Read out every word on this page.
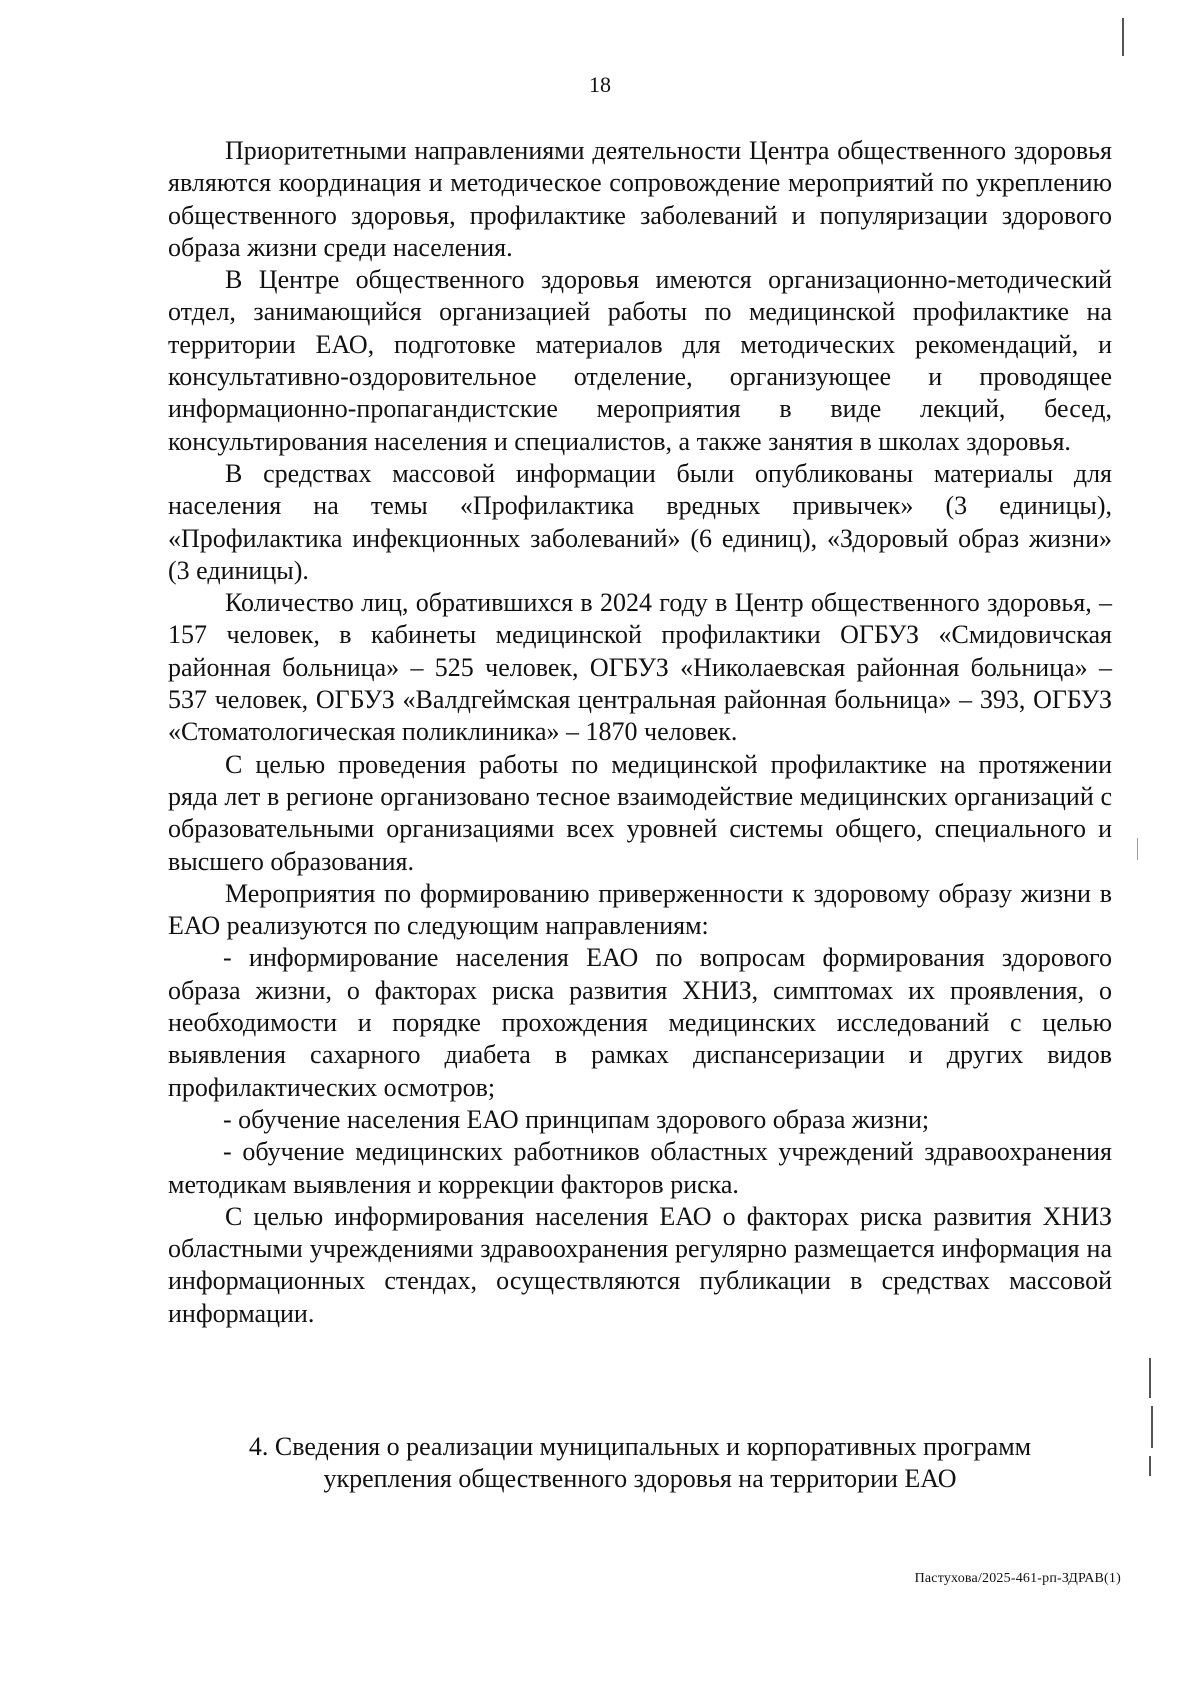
18

Приоритетными направлениями деятельности Центра общественного здоровья являются координация и методическое сопровождение мероприятий по укреплению общественного здоровья, профилактике заболеваний и популяризации здорового образа жизни среди населения.

В Центре общественного здоровья имеются организационно-методический отдел, занимающийся организацией работы по медицинской профилактике на территории ЕАО, подготовке материалов для методических рекомендаций, и консультативно-оздоровительное отделение, организующее и проводящее информационно-пропагандистские мероприятия в виде лекций, бесед, консультирования населения и специалистов, а также занятия в школах здоровья.

В средствах массовой информации были опубликованы материалы для населения на темы «Профилактика вредных привычек» (3 единицы), «Профилактика инфекционных заболеваний» (6 единиц), «Здоровый образ жизни» (3 единицы).

Количество лиц, обратившихся в 2024 году в Центр общественного здоровья, – 157 человек, в кабинеты медицинской профилактики ОГБУЗ «Смидовичская районная больница» – 525 человек, ОГБУЗ «Николаевская районная больница» – 537 человек, ОГБУЗ «Валдгеймская центральная районная больница» – 393, ОГБУЗ «Стоматологическая поликлиника» – 1870 человек.

С целью проведения работы по медицинской профилактике на протяжении ряда лет в регионе организовано тесное взаимодействие медицинских организаций с образовательными организациями всех уровней системы общего, специального и высшего образования.

Мероприятия по формированию приверженности к здоровому образу жизни в ЕАО реализуются по следующим направлениям:

- информирование населения ЕАО по вопросам формирования здорового образа жизни, о факторах риска развития ХНИЗ, симптомах их проявления, о необходимости и порядке прохождения медицинских исследований с целью выявления сахарного диабета в рамках диспансеризации и других видов профилактических осмотров;

- обучение населения ЕАО принципам здорового образа жизни;

- обучение медицинских работников областных учреждений здравоохранения методикам выявления и коррекции факторов риска.

С целью информирования населения ЕАО о факторах риска развития ХНИЗ областными учреждениями здравоохранения регулярно размещается информация на информационных стендах, осуществляются публикации в средствах массовой информации.

4. Сведения о реализации муниципальных и корпоративных программ
укрепления общественного здоровья на территории ЕАО
Пастухова/2025-461-рп-ЗДРАВ(1)
